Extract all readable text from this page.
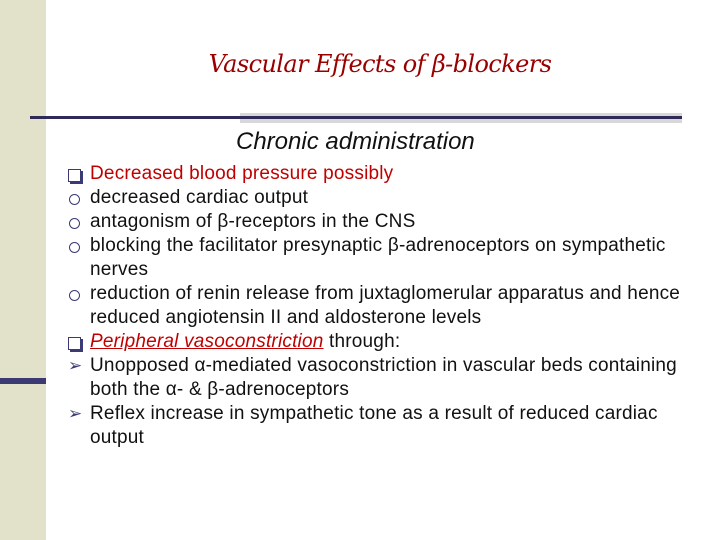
Vascular Effects of β-blockers
Chronic administration
Decreased blood pressure possibly
decreased cardiac output
antagonism of β-receptors in the CNS
blocking the facilitator presynaptic β-adrenoceptors on sympathetic nerves
reduction of renin release from juxtaglomerular apparatus and hence reduced angiotensin II and aldosterone levels
Peripheral vasoconstriction through:
➢ Unopposed α-mediated vasoconstriction in vascular beds containing both the α- & β-adrenoceptors
➢ Reflex increase in sympathetic tone as a result of reduced cardiac output
